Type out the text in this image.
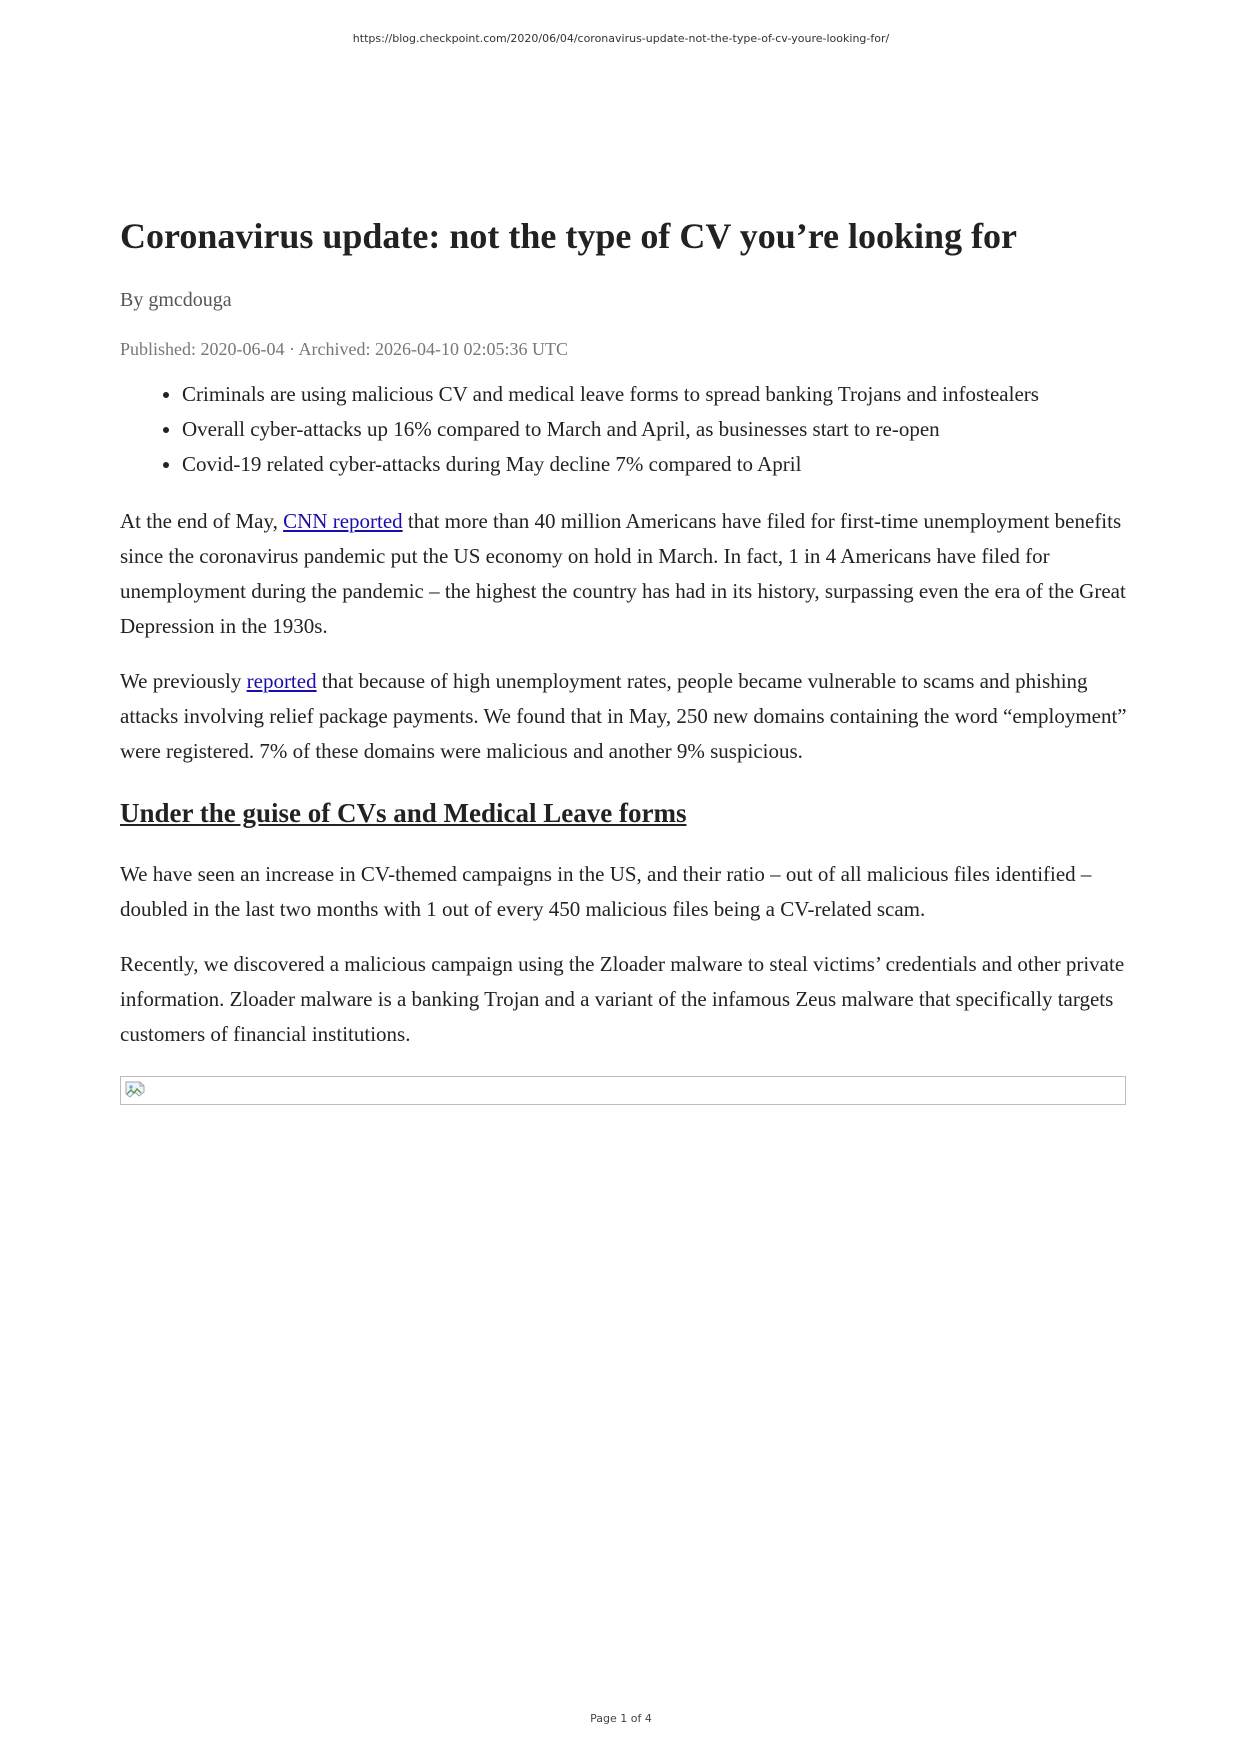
https://blog.checkpoint.com/2020/06/04/coronavirus-update-not-the-type-of-cv-youre-looking-for/
Coronavirus update: not the type of CV you’re looking for

By gmcdouga

Published: 2020-06-04 · Archived: 2026-04-10 02:05:36 UTC

• Criminals are using malicious CV and medical leave forms to spread banking Trojans and infostealers
• Overall cyber-attacks up 16% compared to March and April, as businesses start to re-open
• Covid-19 related cyber-attacks during May decline 7% compared to April

At the end of May, CNN reported that more than 40 million Americans have filed for first-time unemployment benefits since the coronavirus pandemic put the US economy on hold in March. In fact, 1 in 4 Americans have filed for unemployment during the pandemic – the highest the country has had in its history, surpassing even the era of the Great Depression in the 1930s.

We previously reported that because of high unemployment rates, people became vulnerable to scams and phishing attacks involving relief package payments. We found that in May, 250 new domains containing the word “employment” were registered. 7% of these domains were malicious and another 9% suspicious.

Under the guise of CVs and Medical Leave forms

We have seen an increase in CV-themed campaigns in the US, and their ratio – out of all malicious files identified – doubled in the last two months with 1 out of every 450 malicious files being a CV-related scam.

Recently, we discovered a malicious campaign using the Zloader malware to steal victims’ credentials and other private information. Zloader malware is a banking Trojan and a variant of the infamous Zeus malware that specifically targets customers of financial institutions.

Page 1 of 4
